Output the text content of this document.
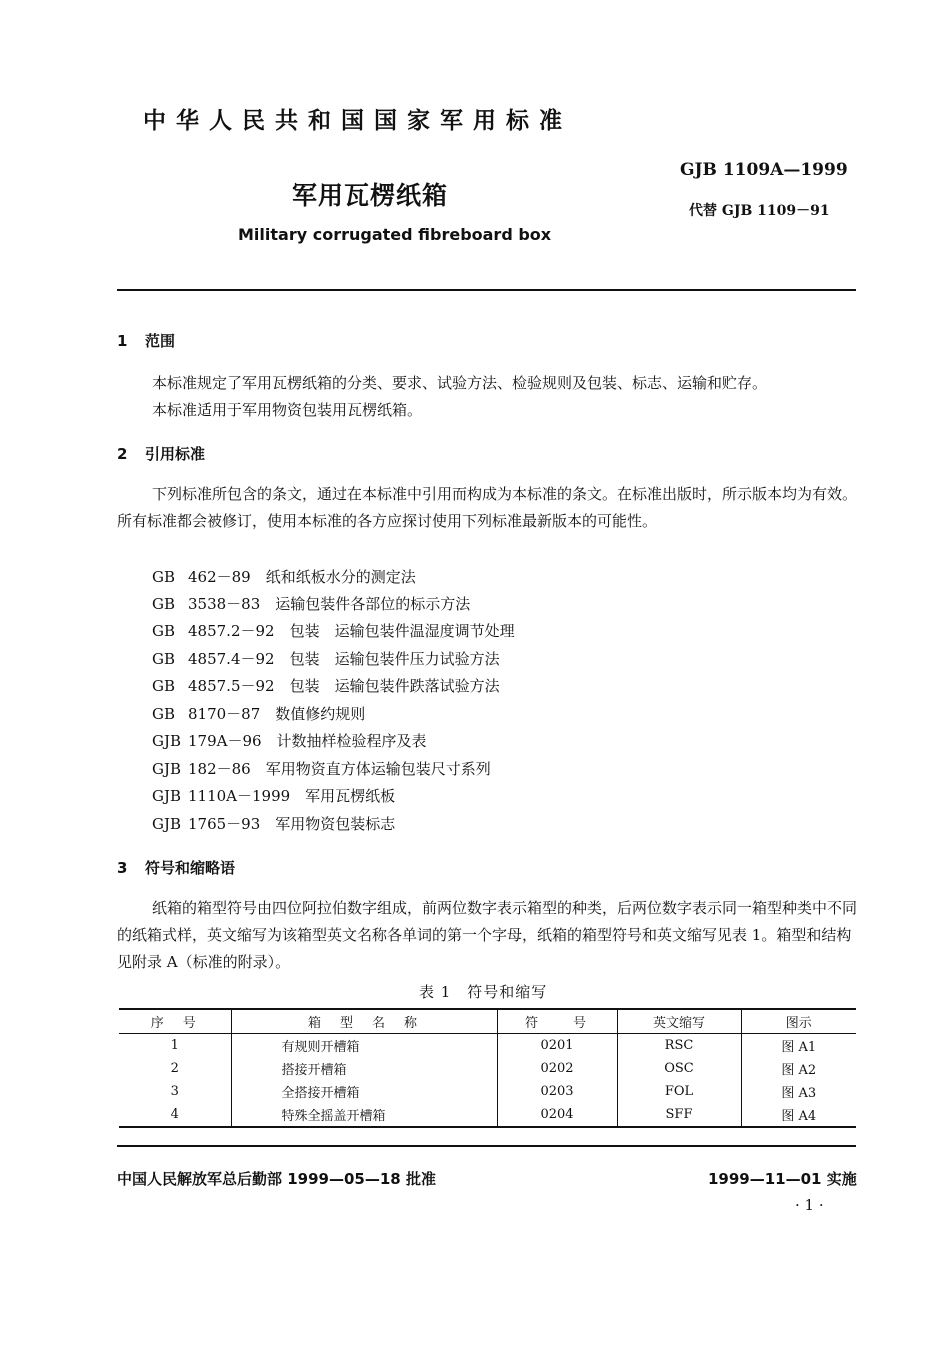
中华人民共和国国家军用标准
GJB 1109A—1999
军用瓦楞纸箱
代替 GJB 1109－91
Military corrugated fibreboard box
1 范围
本标准规定了军用瓦楞纸箱的分类、要求、试验方法、检验规则及包装、标志、运输和贮存。
本标准适用于军用物资包装用瓦楞纸箱。
2 引用标准
下列标准所包含的条文，通过在本标准中引用而构成为本标准的条文。在标准出版时，所示版本均为有效。所有标准都会被修订，使用本标准的各方应探讨使用下列标准最新版本的可能性。
GB 462－89　纸和纸板水分的测定法
GB 3538－83　运输包装件各部位的标示方法
GB 4857.2－92　包装　运输包装件温湿度调节处理
GB 4857.4－92　包装　运输包装件压力试验方法
GB 4857.5－92　包装　运输包装件跌落试验方法
GB 8170－87　数值修约规则
GJB 179A－96　计数抽样检验程序及表
GJB 182－86　军用物资直方体运输包装尺寸系列
GJB 1110A－1999　军用瓦楞纸板
GJB 1765－93　军用物资包装标志
3 符号和缩略语
纸箱的箱型符号由四位阿拉伯数字组成，前两位数字表示箱型的种类，后两位数字表示同一箱型种类中不同的纸箱式样，英文缩写为该箱型英文名称各单词的第一个字母，纸箱的箱型符号和英文缩写见表 1。箱型和结构见附录 A（标准的附录）。
表 1　符号和缩写
序　号	箱　型　名　称	符　　号	英文缩写	图示
1	有规则开槽箱	0201	RSC	图 A1
2	搭接开槽箱	0202	OSC	图 A2
3	全搭接开槽箱	0203	FOL	图 A3
4	特殊全摇盖开槽箱	0204	SFF	图 A4
中国人民解放军总后勤部 1999—05—18 批准	1999—11—01 实施
· 1 ·
